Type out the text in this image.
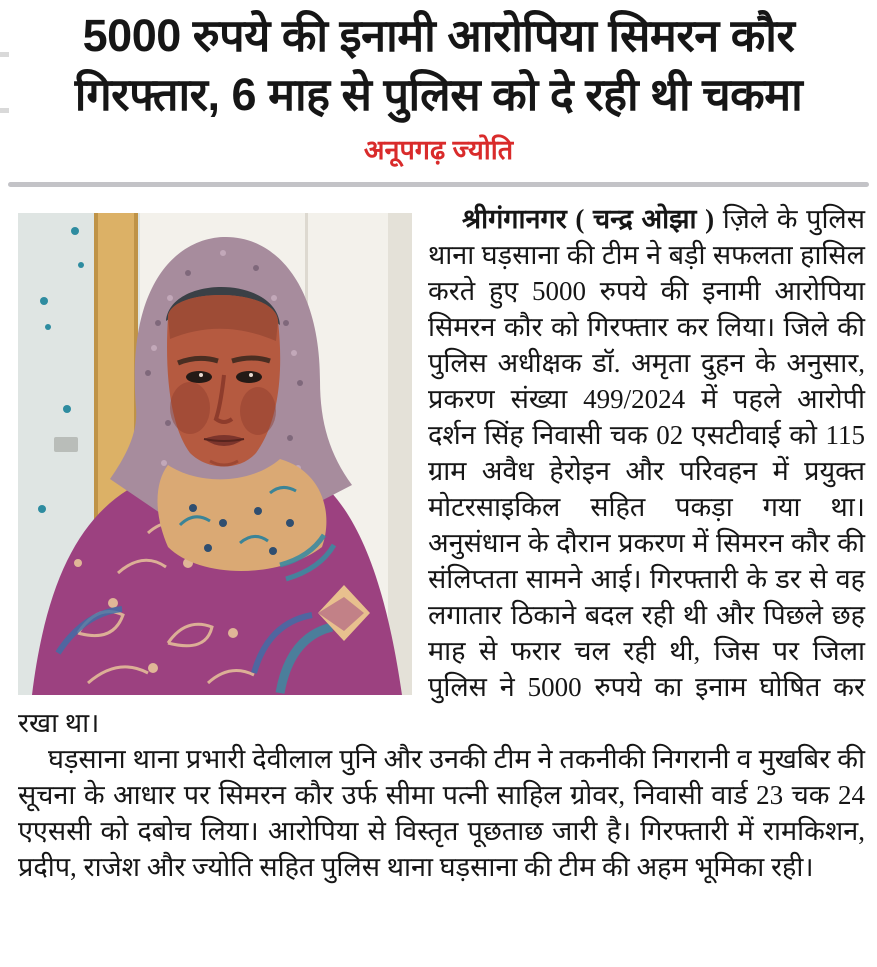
5000 रुपये की इनामी आरोपिया सिमरन कौर
गिरफ्तार, 6 माह से पुलिस को दे रही थी चकमा
अनूपगढ़ ज्योति

श्रीगंगानगर ( चन्द्र ओझा ) ज़िले के पुलिस थाना घड़साना की टीम ने बड़ी सफलता हासिल करते हुए 5000 रुपये की इनामी आरोपिया सिमरन कौर को गिरफ्तार कर लिया। जिले की पुलिस अधीक्षक डॉ. अमृता दुहन के अनुसार, प्रकरण संख्या 499/2024 में पहले आरोपी दर्शन सिंह निवासी चक 02 एसटीवाई को 115 ग्राम अवैध हेरोइन और परिवहन में प्रयुक्त मोटरसाइकिल सहित पकड़ा गया था। अनुसंधान के दौरान प्रकरण में सिमरन कौर की संलिप्तता सामने आई। गिरफ्तारी के डर से वह लगातार ठिकाने बदल रही थी और पिछले छह माह से फरार चल रही थी, जिस पर जिला पुलिस ने 5000 रुपये का इनाम घोषित कर रखा था।

घड़साना थाना प्रभारी देवीलाल पुनि और उनकी टीम ने तकनीकी निगरानी व मुखबिर की सूचना के आधार पर सिमरन कौर उर्फ सीमा पत्नी साहिल ग्रोवर, निवासी वार्ड 23 चक 24 एएससी को दबोच लिया। आरोपिया से विस्तृत पूछताछ जारी है। गिरफ्तारी में रामकिशन, प्रदीप, राजेश और ज्योति सहित पुलिस थाना घड़साना की टीम की अहम भूमिका रही।
